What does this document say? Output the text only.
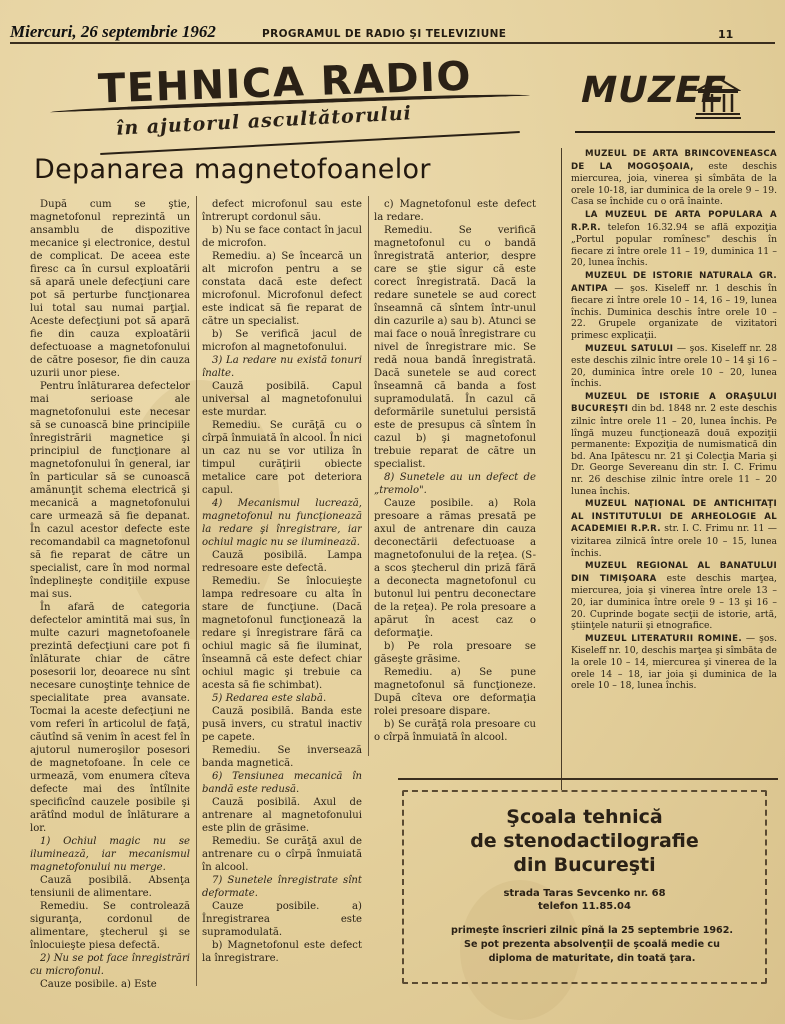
Miercuri, 26 septembrie 1962	PROGRAMUL DE RADIO ŞI TELEVIZIUNE	11
TEHNICA RADIO
în ajutorul ascultătorului
MUZEE
Depanarea magnetofoanelor

După cum se ştie, magnetofonul reprezintă un ansamblu de dispozitive mecanice şi electronice, destul de complicat. De aceea este firesc ca în cursul exploatării să apară unele defecţiuni care pot să perturbe funcţionarea lui total sau numai parţial. Aceste defecţiuni pot să apară fie din cauza exploatării defectuoase a magnetofonului de către posesor, fie din cauza uzurii unor piese.

Pentru înlăturarea defectelor mai serioase ale magnetofonului este necesar să se cunoască bine principiile înregistrării magnetice şi principiul de funcţionare al magnetofonului în general, iar în particular să se cunoască amănunţit schema electrică şi mecanică a magnetofonului care urmează să fie depanat. În cazul acestor defecte este recomandabil ca magnetofonul să fie reparat de către un specialist, care în mod normal îndeplineşte condiţiile expuse mai sus.

În afară de categoria defectelor amintită mai sus, în multe cazuri magnetofoanele prezintă defecţiuni care pot fi înlăturate chiar de către posesorii lor, deoarece nu sînt necesare cunoştinţe tehnice de specialitate prea avansate. Tocmai la aceste defecţiuni ne vom referi în articolul de faţă, căutînd să venim în acest fel în ajutorul numeroşilor posesori de magnetofoane. În cele ce urmează, vom enumera cîteva defecte mai des întîlnite specificînd cauzele posibile şi arătînd modul de înlăturare a lor.

1) Ochiul magic nu se iluminează, iar mecanismul magnetofonului nu merge.

Cauză posibilă. Absenţa tensiunii de alimentare.

Remediu. Se controlează siguranţa, cordonul de alimentare, ştecherul şi se înlocuieşte piesa defectă.

2) Nu se pot face înregistrări cu microfonul.

Cauze posibile. a) Este

defect microfonul sau este întrerupt cordonul său.

b) Nu se face contact în jacul de microfon.

Remediu. a) Se încearcă un alt microfon pentru a se constata dacă este defect microfonul. Microfonul defect este indicat să fie reparat de către un specialist.

b) Se verifică jacul de microfon al magnetofonului.

3) La redare nu există tonuri înalte.

Cauză posibilă. Capul universal al magnetofonului este murdar.

Remediu. Se curăţă cu o cîrpă înmuiată în alcool. În nici un caz nu se vor utiliza în timpul curăţirii obiecte metalice care pot deteriora capul.

4) Mecanismul lucrează, magnetofonul nu funcţionează la redare şi înregistrare, iar ochiul magic nu se iluminează.

Cauză posibilă. Lampa redresoare este defectă.

Remediu. Se înlocuieşte lampa redresoare cu alta în stare de funcţiune. (Dacă magnetofonul funcţionează la redare şi înregistrare fără ca ochiul magic să fie iluminat, înseamnă că este defect chiar ochiul magic şi trebuie ca acesta să fie schimbat).

5) Redarea este slabă.

Cauză posibilă. Banda este pusă invers, cu stratul inactiv pe capete.

Remediu. Se inversează banda magnetică.

6) Tensiunea mecanică în bandă este redusă.

Cauză posibilă. Axul de antrenare al magnetofonului este plin de grăsime.

Remediu. Se curăţă axul de antrenare cu o cîrpă înmuiată în alcool.

7) Sunetele înregistrate sînt deformate.

Cauze posibile. a) Înregistrarea este supramodulată.

b) Magnetofonul este defect la înregistrare.

c) Magnetofonul este defect la redare.

Remediu. Se verifică magnetofonul cu o bandă înregistrată anterior, despre care se ştie sigur că este corect înregistrată. Dacă la redare sunetele se aud corect înseamnă că sîntem într-unul din cazurile a) sau b). Atunci se mai face o nouă înregistrare cu nivel de înregistrare mic. Se redă noua bandă înregistrată. Dacă sunetele se aud corect înseamnă că banda a fost supramodulată. În cazul că deformările sunetului persistă este de presupus că sîntem în cazul b) şi magnetofonul trebuie reparat de către un specialist.

8) Sunetele au un defect de „tremolo".

Cauze posibile. a) Rola presoare a rămas presată pe axul de antrenare din cauza deconectării defectuoase a magnetofonului de la reţea. (S-a scos ştecherul din priză fără a deconecta magnetofonul cu butonul lui pentru deconectare de la reţea). Pe rola presoare a apărut în acest caz o deformaţie.

b) Pe rola presoare se găseşte grăsime.

Remediu. a) Se pune magnetofonul să funcţioneze. După cîteva ore deformaţia rolei presoare dispare.

b) Se curăţă rola presoare cu o cîrpă înmuiată în alcool.

MUZEUL DE ARTA BRINCOVENEASCA DE LA MOGOŞOAIA, este deschis miercurea, joia, vinerea şi sîmbăta de la orele 10-18, iar duminica de la orele 9 – 19. Casa se închide cu o oră înainte.
LA MUZEUL DE ARTA POPULARA A R.P.R. telefon 16.32.94 se află expoziţia „Portul popular romînesc" deschis în fiecare zi între orele 11 – 19, duminica 11 – 20, lunea închis.
MUZEUL DE ISTORIE NATURALA GR. ANTIPA — şos. Kiseleff nr. 1 deschis în fiecare zi între orele 10 – 14, 16 – 19, lunea închis. Duminica deschis între orele 10 – 22. Grupele organizate de vizitatori primesc explicaţii.
MUZEUL SATULUI — şos. Kiseleff nr. 28 este deschis zilnic între orele 10 – 14 şi 16 – 20, duminica între orele 10 – 20, lunea închis.
MUZEUL DE ISTORIE A ORAŞULUI BUCUREŞTI din bd. 1848 nr. 2 este deschis zilnic între orele 11 – 20, lunea închis. Pe lîngă muzeu funcţionează două expoziţii permanente: Expoziţia de numismatică din bd. Ana Ipătescu nr. 21 şi Colecţia Maria şi Dr. George Severeanu din str. I. C. Frimu nr. 26 deschise zilnic între orele 11 – 20 lunea închis.
MUZEUL NAŢIONAL DE ANTICHITAŢI AL INSTITUTULUI DE ARHEOLOGIE AL ACADEMIEI R.P.R. str. I. C. Frimu nr. 11 — vizitarea zilnică între orele 10 – 15, lunea închis.
MUZEUL REGIONAL AL BANATULUI DIN TIMIŞOARA este deschis marţea, miercurea, joia şi vinerea între orele 13 – 20, iar duminica între orele 9 – 13 şi 16 – 20. Cuprinde bogate secţii de istorie, artă, ştiinţele naturii şi etnografice.
MUZEUL LITERATURII ROMINE. — şos. Kiseleff nr. 10, deschis marţea şi sîmbăta de la orele 10 – 14, miercurea şi vinerea de la orele 14 – 18, iar joia şi duminica de la orele 10 – 18, lunea închis.
Şcoala tehnică
de stenodactilografie
din Bucureşti
strada Taras Sevcenko nr. 68
telefon 11.85.04
primeşte înscrieri zilnic pînă la 25 septembrie 1962. Se pot prezenta absolvenţii de şcoală medie cu diploma de maturitate, din toată ţara.
